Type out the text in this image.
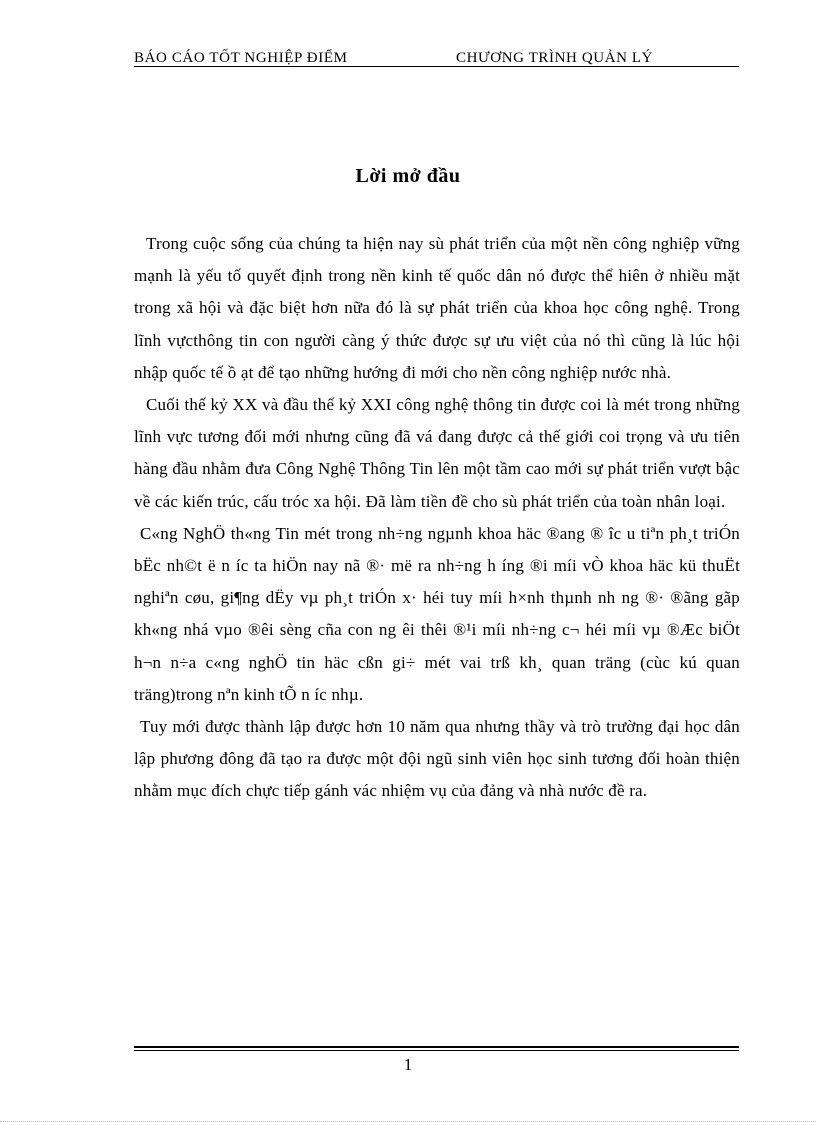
BÁO CÁO TỐT NGHIỆP ĐIỂM	CHƯƠNG TRÌNH QUẢN LÝ
Lời mở đầu

Trong cuộc sống của chúng ta hiện nay sù phát triển của một nền công nghiệp vững mạnh là yếu tố quyết định trong nền kinh tế quốc dân nó được thể hiên ở nhiều mặt trong xã hội và đặc biệt hơn nữa đó là sự phát triển của khoa học công nghệ. Trong lĩnh vựcthông tin con người càng ý thức được sự ưu việt của nó thì cũng là lúc hội nhập quốc tế ồ ạt để tạo những hướng đi mới cho nền công nghiệp nước nhà.

Cuối thế kỷ XX và đầu thế kỷ XXI công nghệ thông tin được coi là mét trong những lĩnh vực tương đối mới nhưng cũng đã vá đang được cả thế giới coi trọng và ưu tiên hàng đầu nhằm đưa Công Nghệ Thông Tin lên một tầm cao mới sự phát triển vượt bậc về các kiến trúc, cấu tróc xa hội. Đã làm tiền đề cho sù phát triển của toàn nhân loại.

C«ng NghÖ th«ng Tin mét trong nh÷ng ngµnh khoa häc ®ang ® îc u tiªn ph¸t triÓn bËc nh©t ë n íc ta hiÖn nay nã ®· më ra nh÷ng h íng ®i míi vÒ khoa häc kü thuËt nghiªn cøu, gi¶ng dËy vµ ph¸t triÓn x· héi tuy míi h×nh thµnh nh ng ®· ®ãng gãp kh«ng nhá vµo ®êi sèng cña con ng êi thêi ®¹i míi nh÷ng c¬ héi míi vµ ®Æc biÖt h¬n n÷a c«ng nghÖ tin häc cßn gi÷ mét vai trß kh¸ quan träng (cùc kú quan träng)trong nªn kinh tÕ n íc nhµ.

Tuy mới được thành lập được hơn 10 năm qua nhưng thầy và trò trường đại học dân lập phương đông đã tạo ra được một đội ngũ sinh viên học sinh tương đối hoàn thiện nhằm mục đích chực tiếp gánh vác nhiệm vụ của đảng và nhà nước đề ra.

1
